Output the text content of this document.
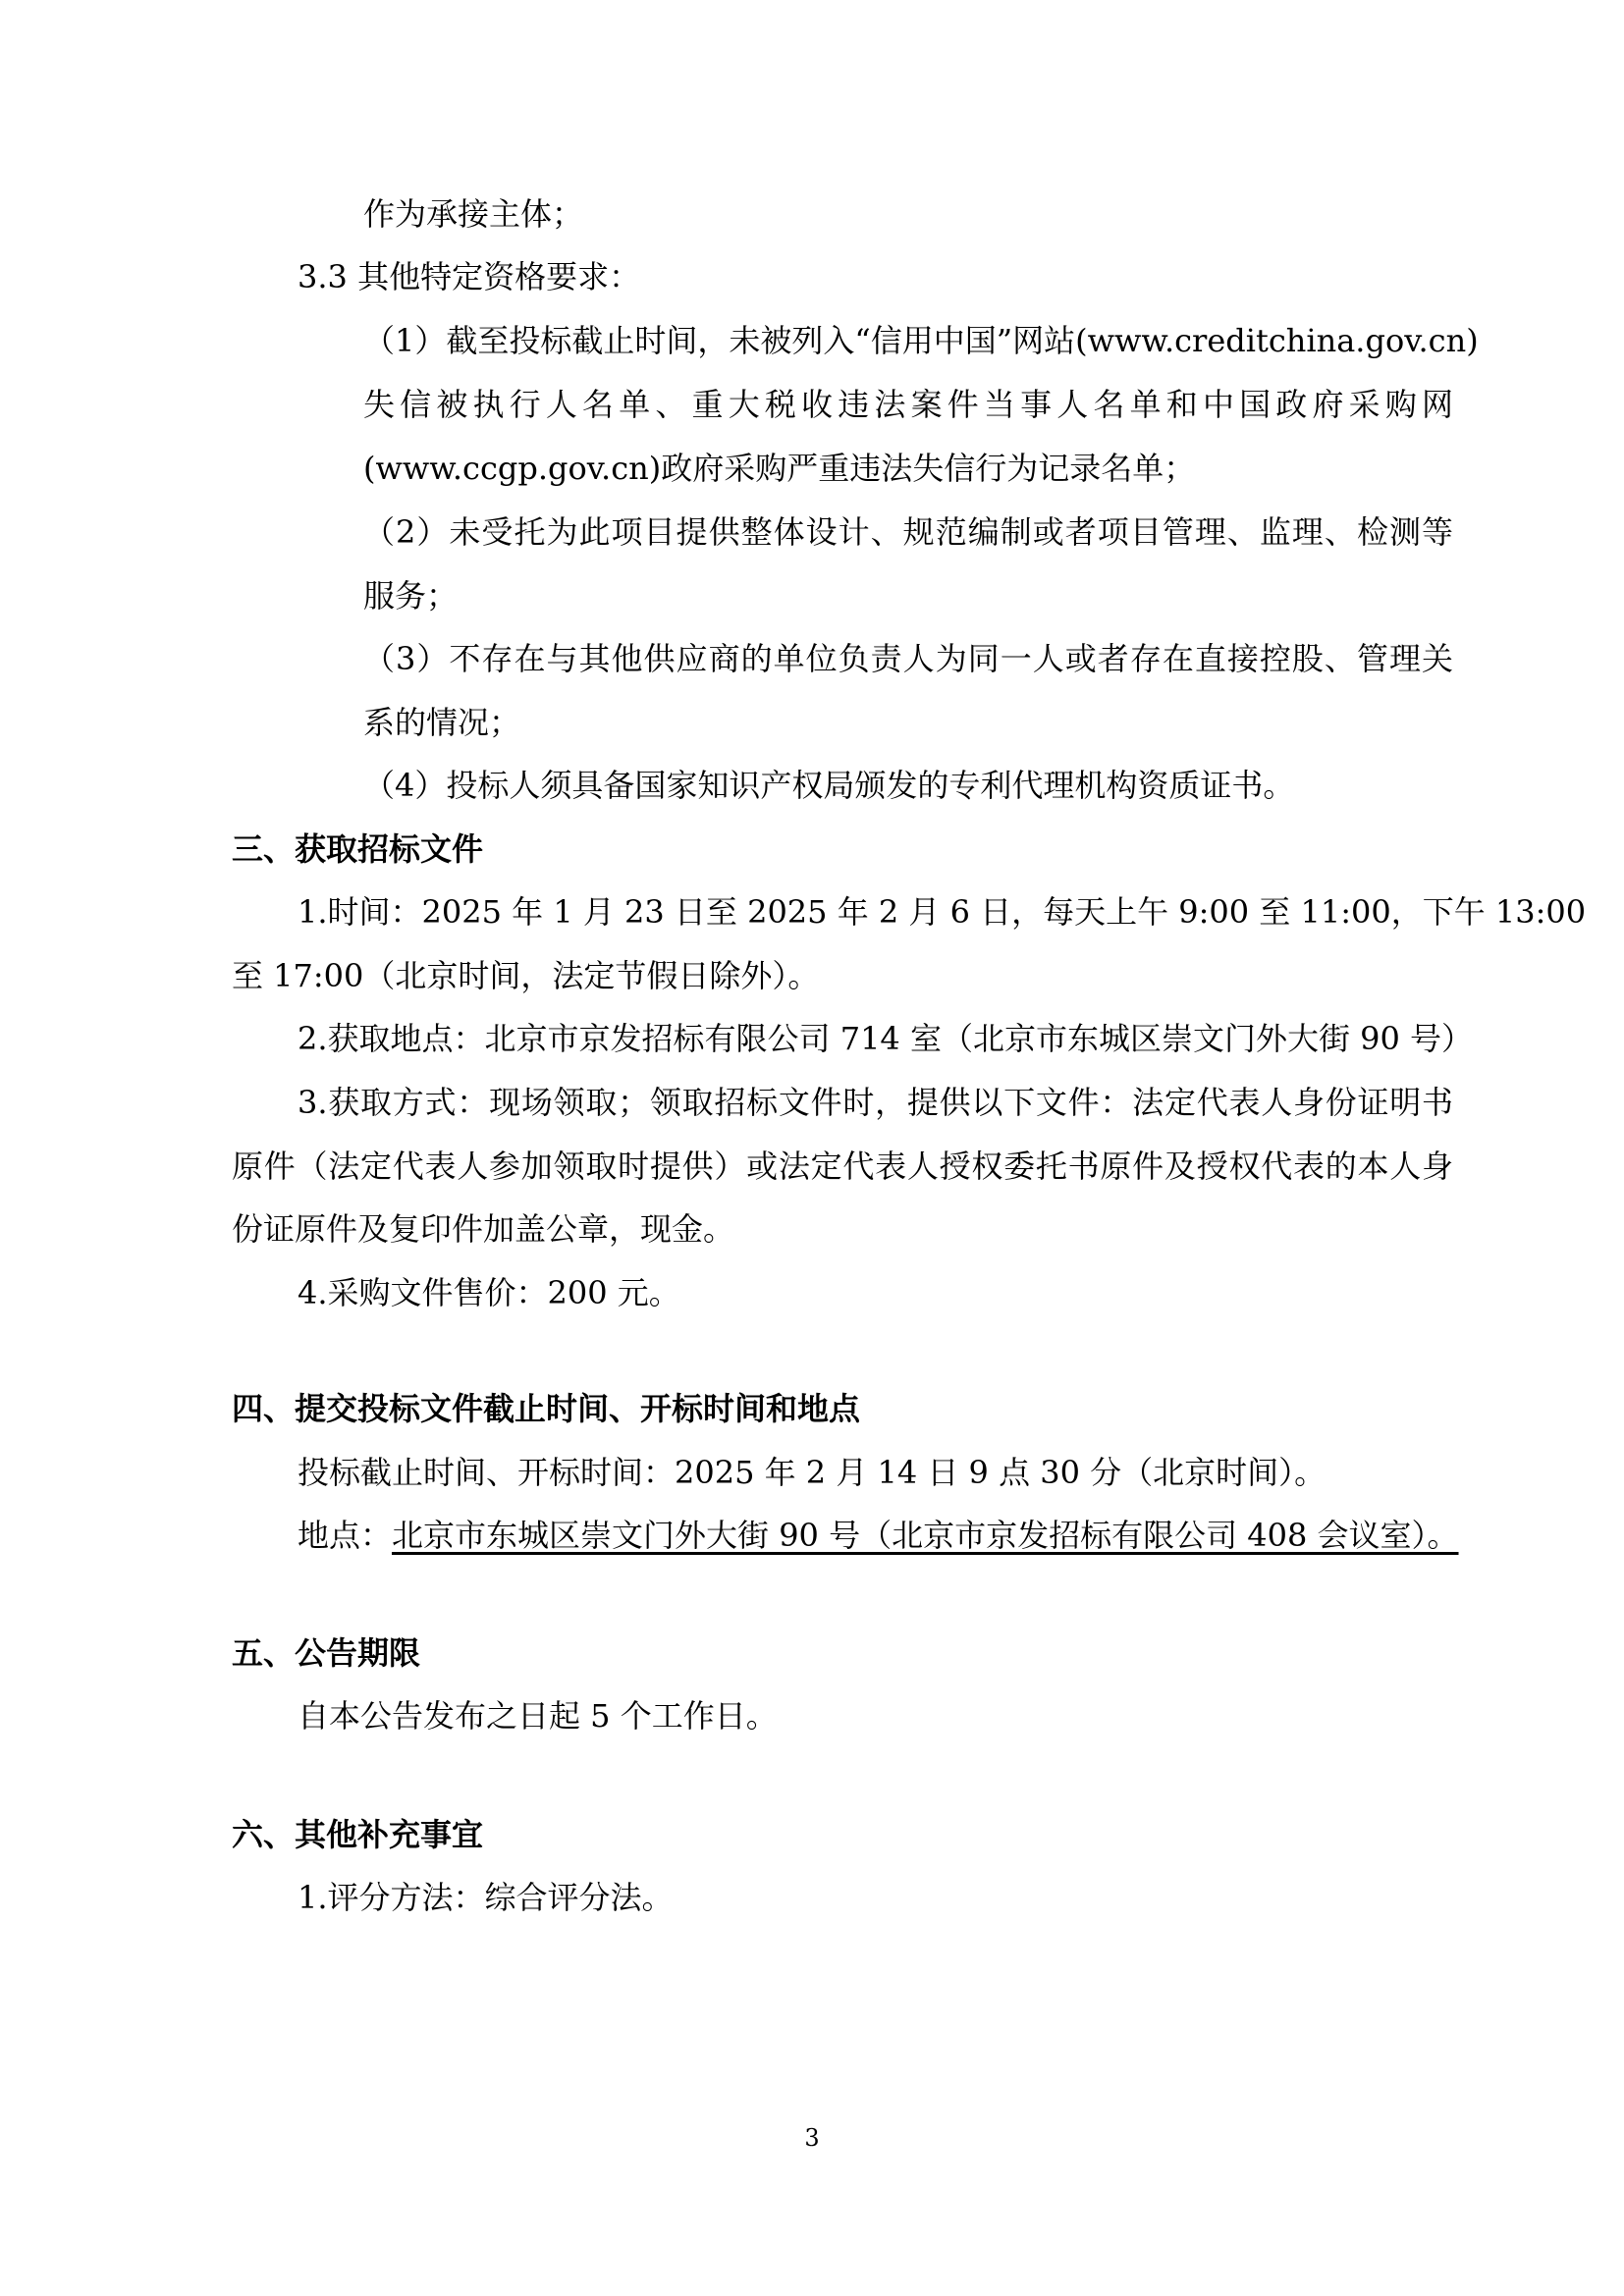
作为承接主体；
3.3 其他特定资格要求：
（1）截至投标截止时间，未被列入“信用中国”网站(www.creditchina.gov.cn)
失信被执行人名单、重大税收违法案件当事人名单和中国政府采购网
(www.ccgp.gov.cn)政府采购严重违法失信行为记录名单；
（2）未受托为此项目提供整体设计、规范编制或者项目管理、监理、检测等
服务；
（3）不存在与其他供应商的单位负责人为同一人或者存在直接控股、管理关
系的情况；
（4）投标人须具备国家知识产权局颁发的专利代理机构资质证书。
三、获取招标文件
1.时间：2025 年 1 月 23 日至 2025 年 2 月 6 日，每天上午 9:00 至 11:00，下午 13:00
至 17:00（北京时间，法定节假日除外）。
2.获取地点：北京市京发招标有限公司 714 室（北京市东城区崇文门外大街 90 号）
3.获取方式：现场领取；领取招标文件时，提供以下文件：法定代表人身份证明书
原件（法定代表人参加领取时提供）或法定代表人授权委托书原件及授权代表的本人身
份证原件及复印件加盖公章，现金。
4.采购文件售价：200 元。
四、提交投标文件截止时间、开标时间和地点
投标截止时间、开标时间：2025 年 2 月 14 日 9 点 30 分（北京时间）。
地点：北京市东城区崇文门外大街 90 号（北京市京发招标有限公司 408 会议室）。
五、公告期限
自本公告发布之日起 5 个工作日。
六、其他补充事宜
1.评分方法：综合评分法。
3
